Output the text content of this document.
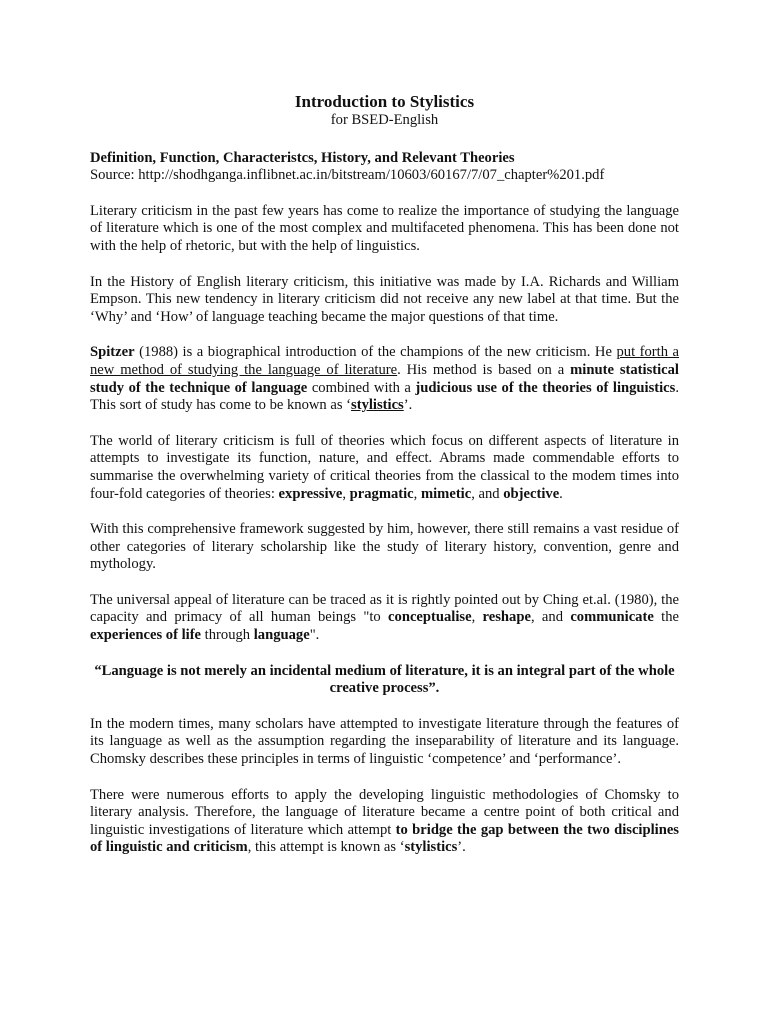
Introduction to Stylistics
for BSED-English
Definition, Function, Characteristcs, History, and Relevant Theories
Source: http://shodhganga.inflibnet.ac.in/bitstream/10603/60167/7/07_chapter%201.pdf

Literary criticism in the past few years has come to realize the importance of studying the language of literature which is one of the most complex and multifaceted phenomena. This has been done not with the help of rhetoric, but with the help of linguistics.

In the History of English literary criticism, this initiative was made by I.A. Richards and William Empson. This new tendency in literary criticism did not receive any new label at that time. But the ‘Why’ and ‘How’ of language teaching became the major questions of that time.

Spitzer (1988) is a biographical introduction of the champions of the new criticism. He put forth a new method of studying the language of literature. His method is based on a minute statistical study of the technique of language combined with a judicious use of the theories of linguistics. This sort of study has come to be known as ‘stylistics’.

The world of literary criticism is full of theories which focus on different aspects of literature in attempts to investigate its function, nature, and effect. Abrams made commendable efforts to summarise the overwhelming variety of critical theories from the classical to the modem times into four-fold categories of theories: expressive, pragmatic, mimetic, and objective.

With this comprehensive framework suggested by him, however, there still remains a vast residue of other categories of literary scholarship like the study of literary history, convention, genre and mythology.

The universal appeal of literature can be traced as it is rightly pointed out by Ching et.al. (1980), the capacity and primacy of all human beings "to conceptualise, reshape, and communicate the experiences of life through language".

“Language is not merely an incidental medium of literature, it is an integral part of the whole creative process”.

In the modern times, many scholars have attempted to investigate literature through the features of its language as well as the assumption regarding the inseparability of literature and its language. Chomsky describes these principles in terms of linguistic ‘competence’ and ‘performance’.

There were numerous efforts to apply the developing linguistic methodologies of Chomsky to literary analysis. Therefore, the language of literature became a centre point of both critical and linguistic investigations of literature which attempt to bridge the gap between the two disciplines of linguistic and criticism, this attempt is known as ‘stylistics’.
